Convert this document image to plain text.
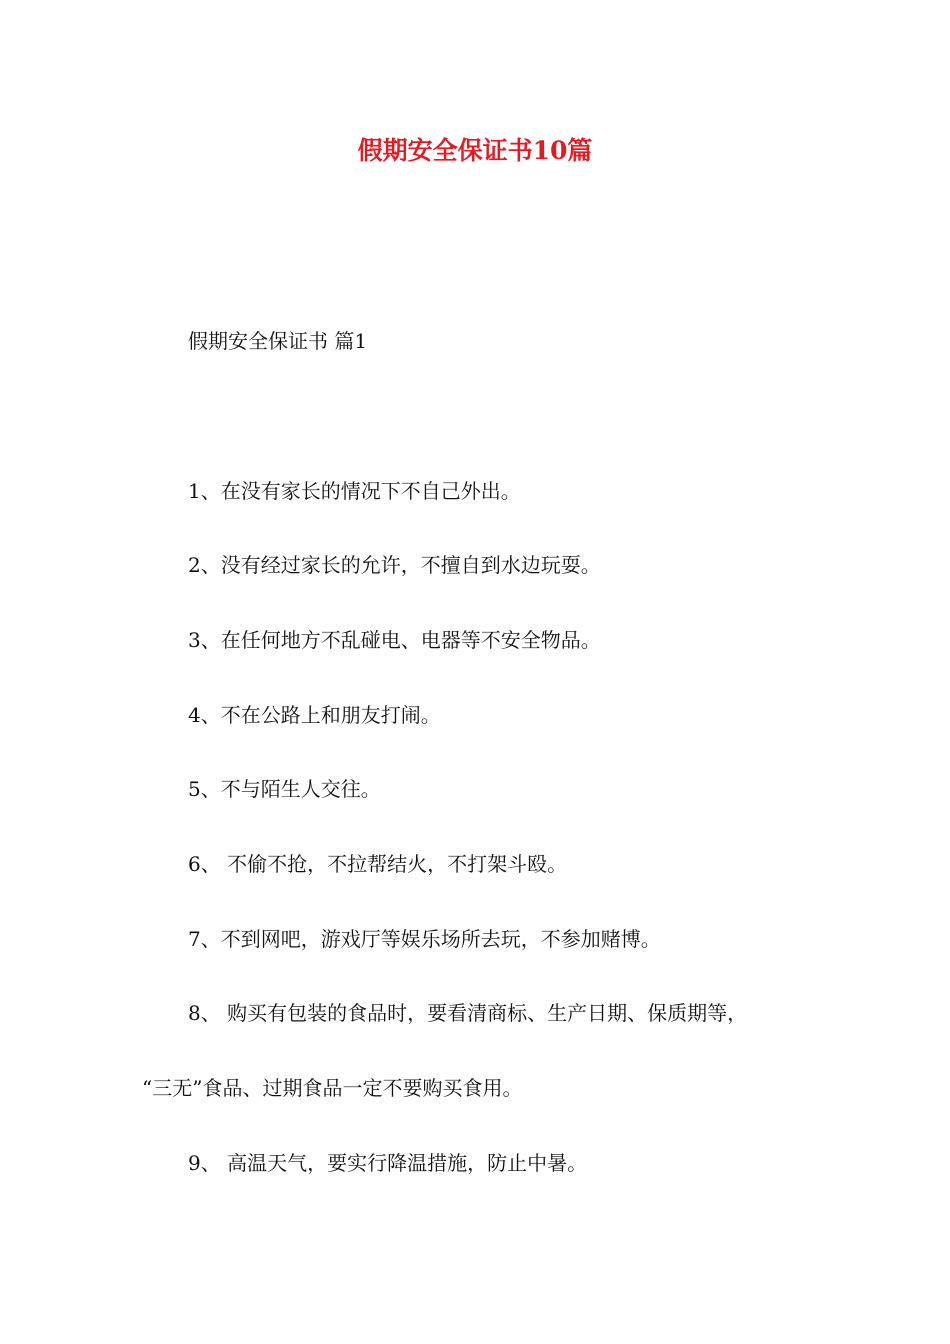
假期安全保证书10篇
假期安全保证书 篇1
1、在没有家长的情况下不自己外出。
2、没有经过家长的允许，不擅自到水边玩耍。
3、在任何地方不乱碰电、电器等不安全物品。
4、不在公路上和朋友打闹。
5、不与陌生人交往。
6、 不偷不抢，不拉帮结火，不打架斗殴。
7、不到网吧，游戏厅等娱乐场所去玩，不参加赌博。
8、 购买有包装的食品时，要看清商标、生产日期、保质期等，
“三无”食品、过期食品一定不要购买食用。
9、 高温天气，要实行降温措施，防止中暑。
